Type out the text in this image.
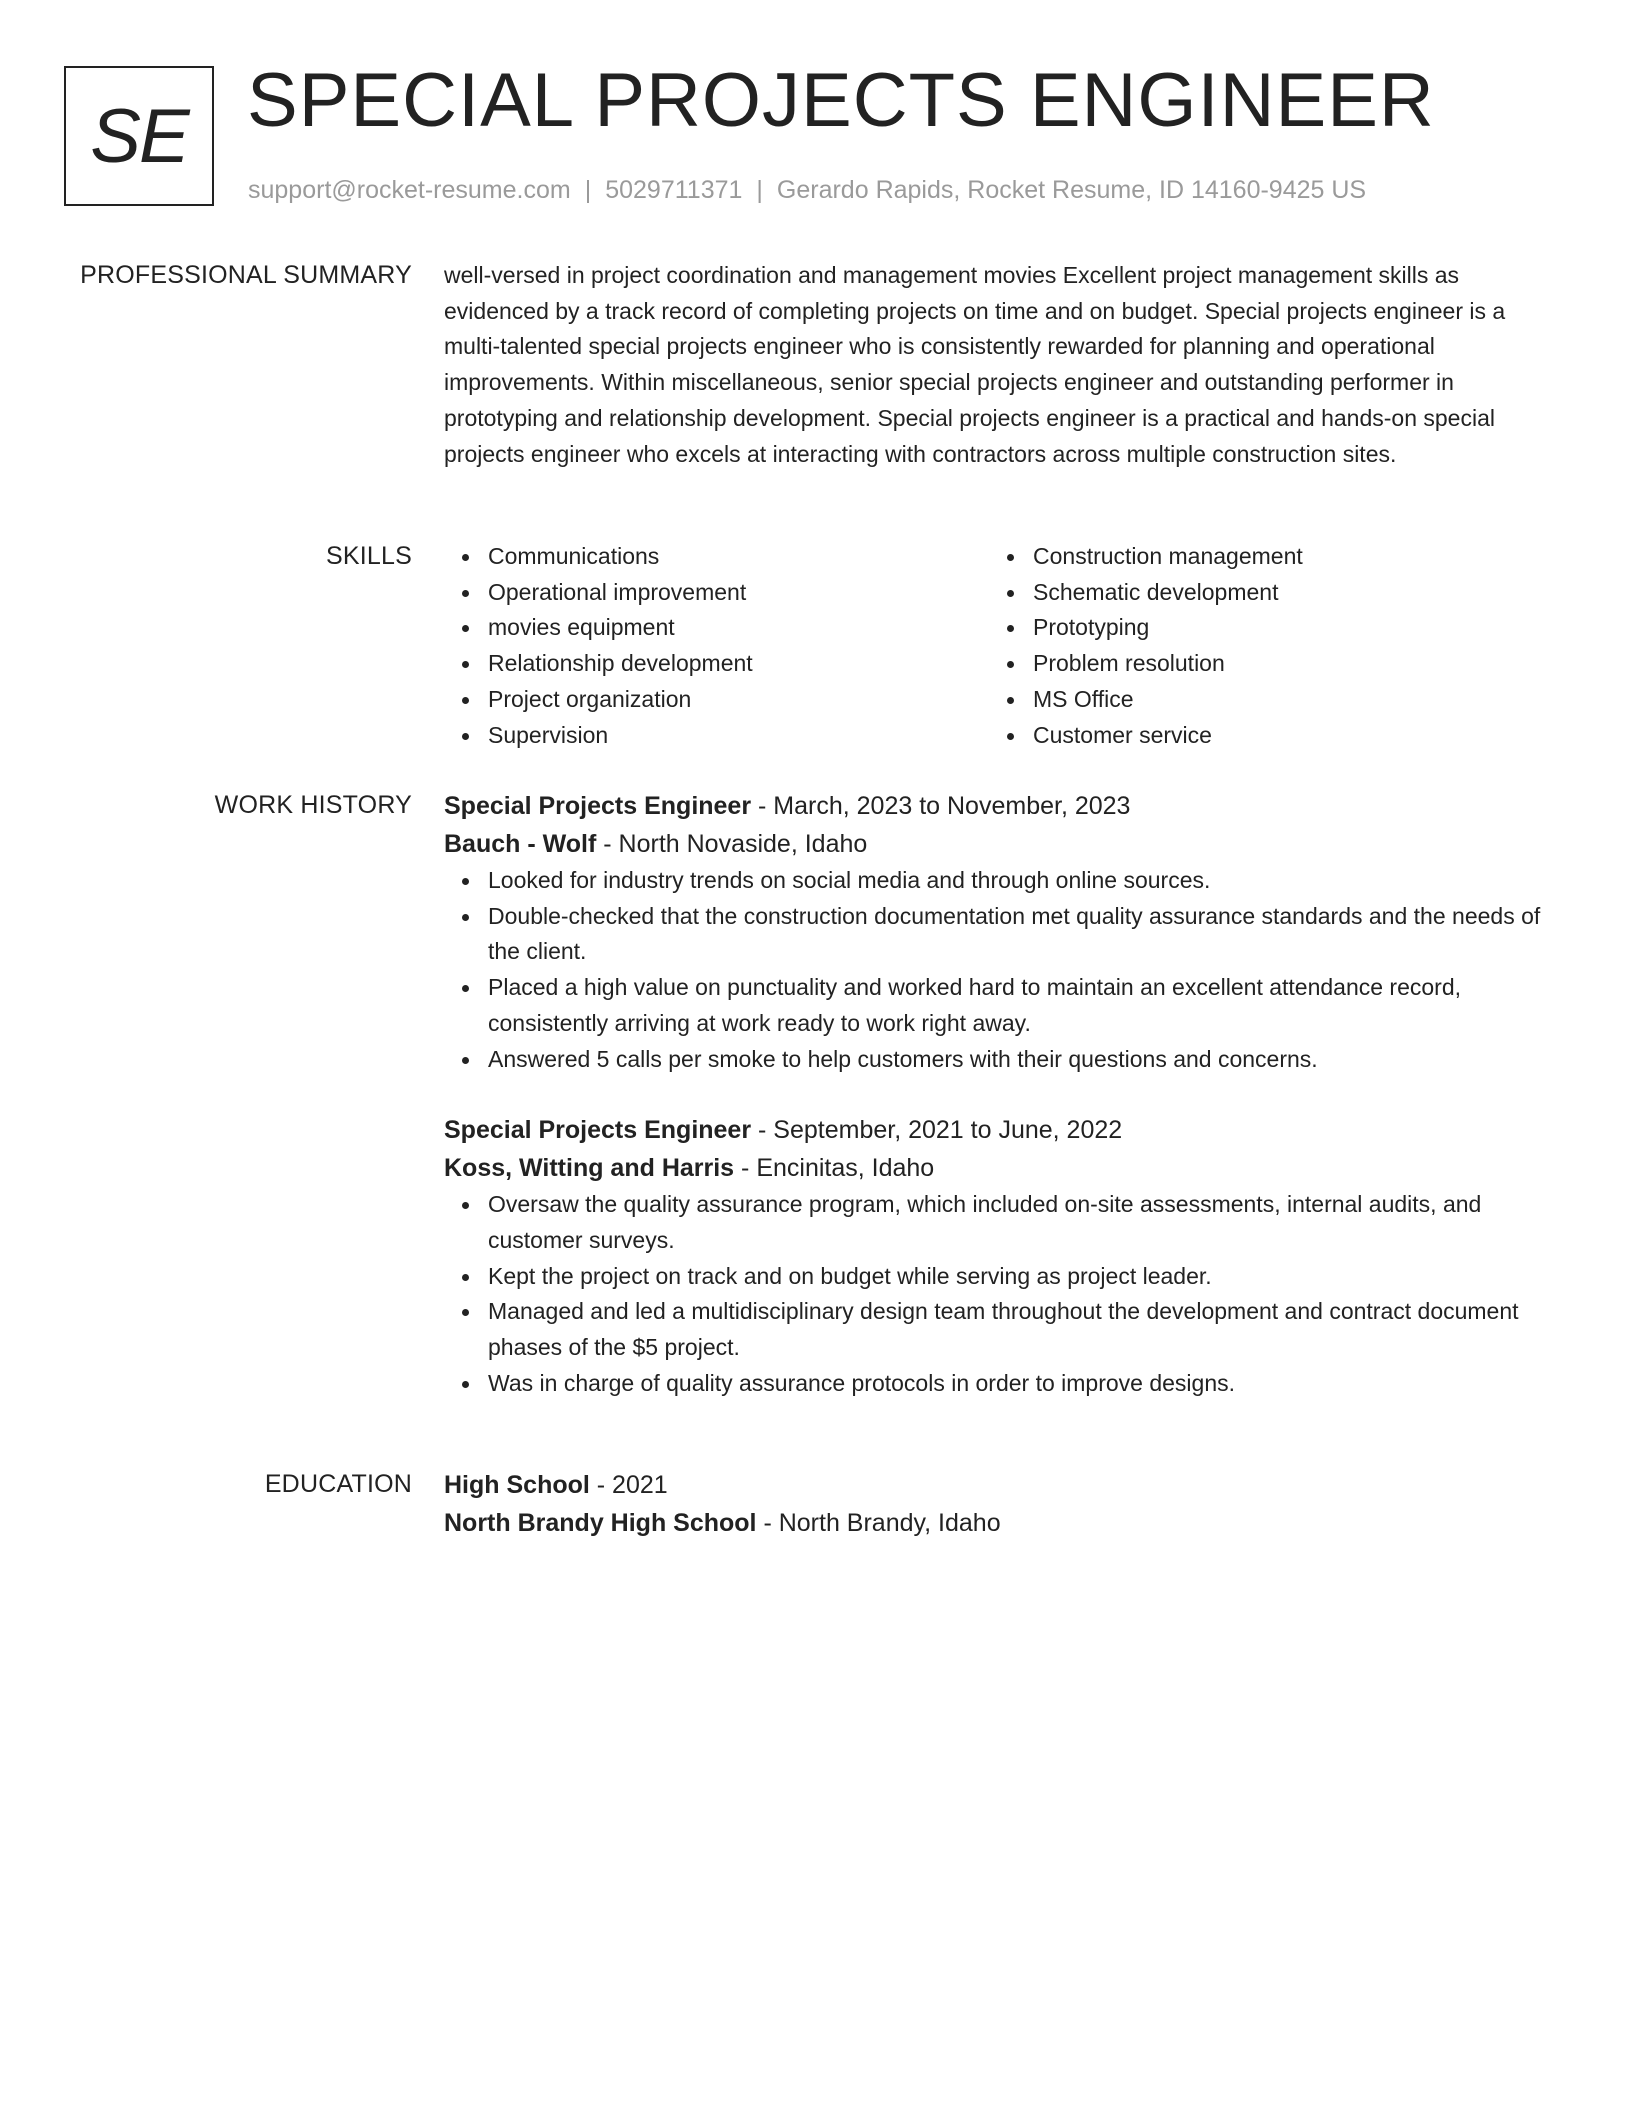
SE SPECIAL PROJECTS ENGINEER
support@rocket-resume.com | 5029711371 | Gerardo Rapids, Rocket Resume, ID 14160-9425 US
PROFESSIONAL SUMMARY well-versed in project coordination and management movies Excellent project management skills as evidenced by a track record of completing projects on time and on budget. Special projects engineer is a multi-talented special projects engineer who is consistently rewarded for planning and operational improvements. Within miscellaneous, senior special projects engineer and outstanding performer in prototyping and relationship development. Special projects engineer is a practical and hands-on special projects engineer who excels at interacting with contractors across multiple construction sites.

SKILLS	Communications
Operational improvement
movies equipment
Relationship development
Project organization
Supervision
Construction management
Schematic development
Prototyping
Problem resolution
MS Office
Customer service
WORK HISTORY Special Projects Engineer - March, 2023 to November, 2023
Bauch - Wolf - North Novaside, Idaho
Looked for industry trends on social media and through online sources.
Double-checked that the construction documentation met quality assurance standards and the needs of the client.
Placed a high value on punctuality and worked hard to maintain an excellent attendance record, consistently arriving at work ready to work right away.
Answered 5 calls per smoke to help customers with their questions and concerns.
Special Projects Engineer - September, 2021 to June, 2022
Koss, Witting and Harris - Encinitas, Idaho
Oversaw the quality assurance program, which included on-site assessments, internal audits, and customer surveys.
Kept the project on track and on budget while serving as project leader.
Managed and led a multidisciplinary design team throughout the development and contract document phases of the $5 project.
Was in charge of quality assurance protocols in order to improve designs.
EDUCATION High School - 2021
North Brandy High School - North Brandy, Idaho
